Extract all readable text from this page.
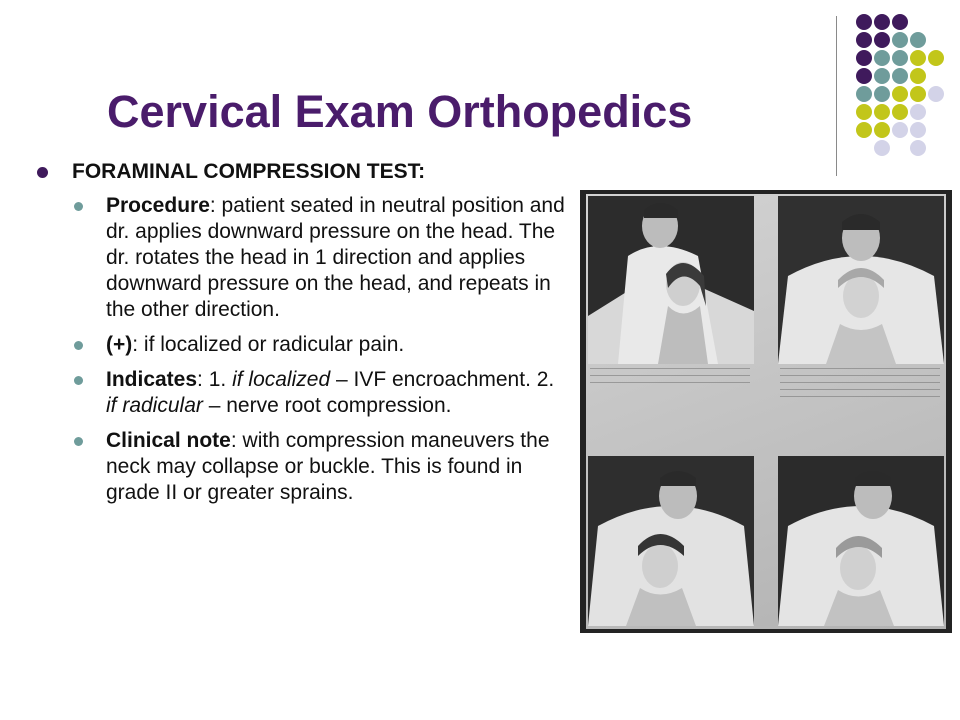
Cervical Exam Orthopedics
FORAMINAL COMPRESSION TEST:
Procedure: patient seated in neutral position and dr. applies downward pressure on the head. The dr. rotates the head in 1 direction and applies downward pressure on the head, and repeats in the other direction.
(+): if localized or radicular pain.
Indicates: 1. if localized – IVF encroachment. 2. if radicular – nerve root compression.
Clinical note: with compression maneuvers the neck may collapse or buckle. This is found in grade II or greater sprains.
